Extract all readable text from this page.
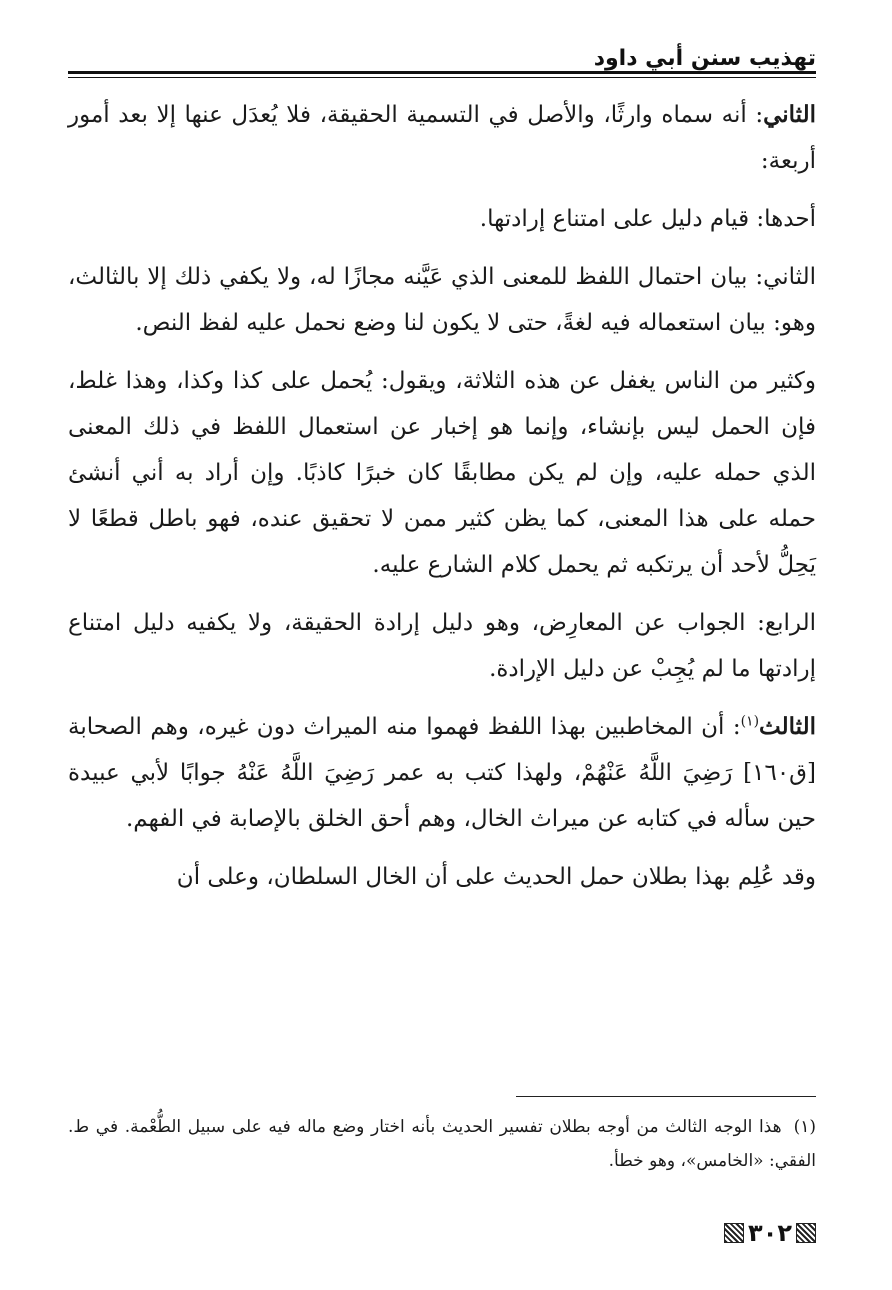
تهذيب سنن أبي داود

الثاني: أنه سماه وارثًا، والأصل في التسمية الحقيقة، فلا يُعدَل عنها إلا بعد أمور أربعة:

أحدها: قيام دليل على امتناع إرادتها.

الثاني: بيان احتمال اللفظ للمعنى الذي عَيَّنه مجازًا له، ولا يكفي ذلك إلا بالثالث، وهو: بيان استعماله فيه لغةً، حتى لا يكون لنا وضع نحمل عليه لفظ النص.

وكثير من الناس يغفل عن هذه الثلاثة، ويقول: يُحمل على كذا وكذا، وهذا غلط، فإن الحمل ليس بإنشاء، وإنما هو إخبار عن استعمال اللفظ في ذلك المعنى الذي حمله عليه، وإن لم يكن مطابقًا كان خبرًا كاذبًا. وإن أراد به أني أنشئ حمله على هذا المعنى، كما يظن كثير ممن لا تحقيق عنده، فهو باطل قطعًا لا يَحِلُّ لأحد أن يرتكبه ثم يحمل كلام الشارع عليه.

الرابع: الجواب عن المعارِض، وهو دليل إرادة الحقيقة، ولا يكفيه دليل امتناع إرادتها ما لم يُجِبْ عن دليل الإرادة.

الثالث$^{(١)}$: أن المخاطبين بهذا اللفظ فهموا منه الميراث دون غيره، وهم الصحابة [ق١٦٠] رَضِيَ اللَّهُ عَنْهُمْ، ولهذا كتب به عمر رَضِيَ اللَّهُ عَنْهُ جوابًا لأبي عبيدة حين سأله في كتابه عن ميراث الخال، وهم أحق الخلق بالإصابة في الفهم.

وقد عُلِم بهذا بطلان حمل الحديث على أن الخال السلطان، وعلى أن

(١)هذا الوجه الثالث من أوجه بطلان تفسير الحديث بأنه اختار وضع ماله فيه على سبيل الطُّعْمة. في ط. الفقي: «الخامس»، وهو خطأ.
٣٠٢
